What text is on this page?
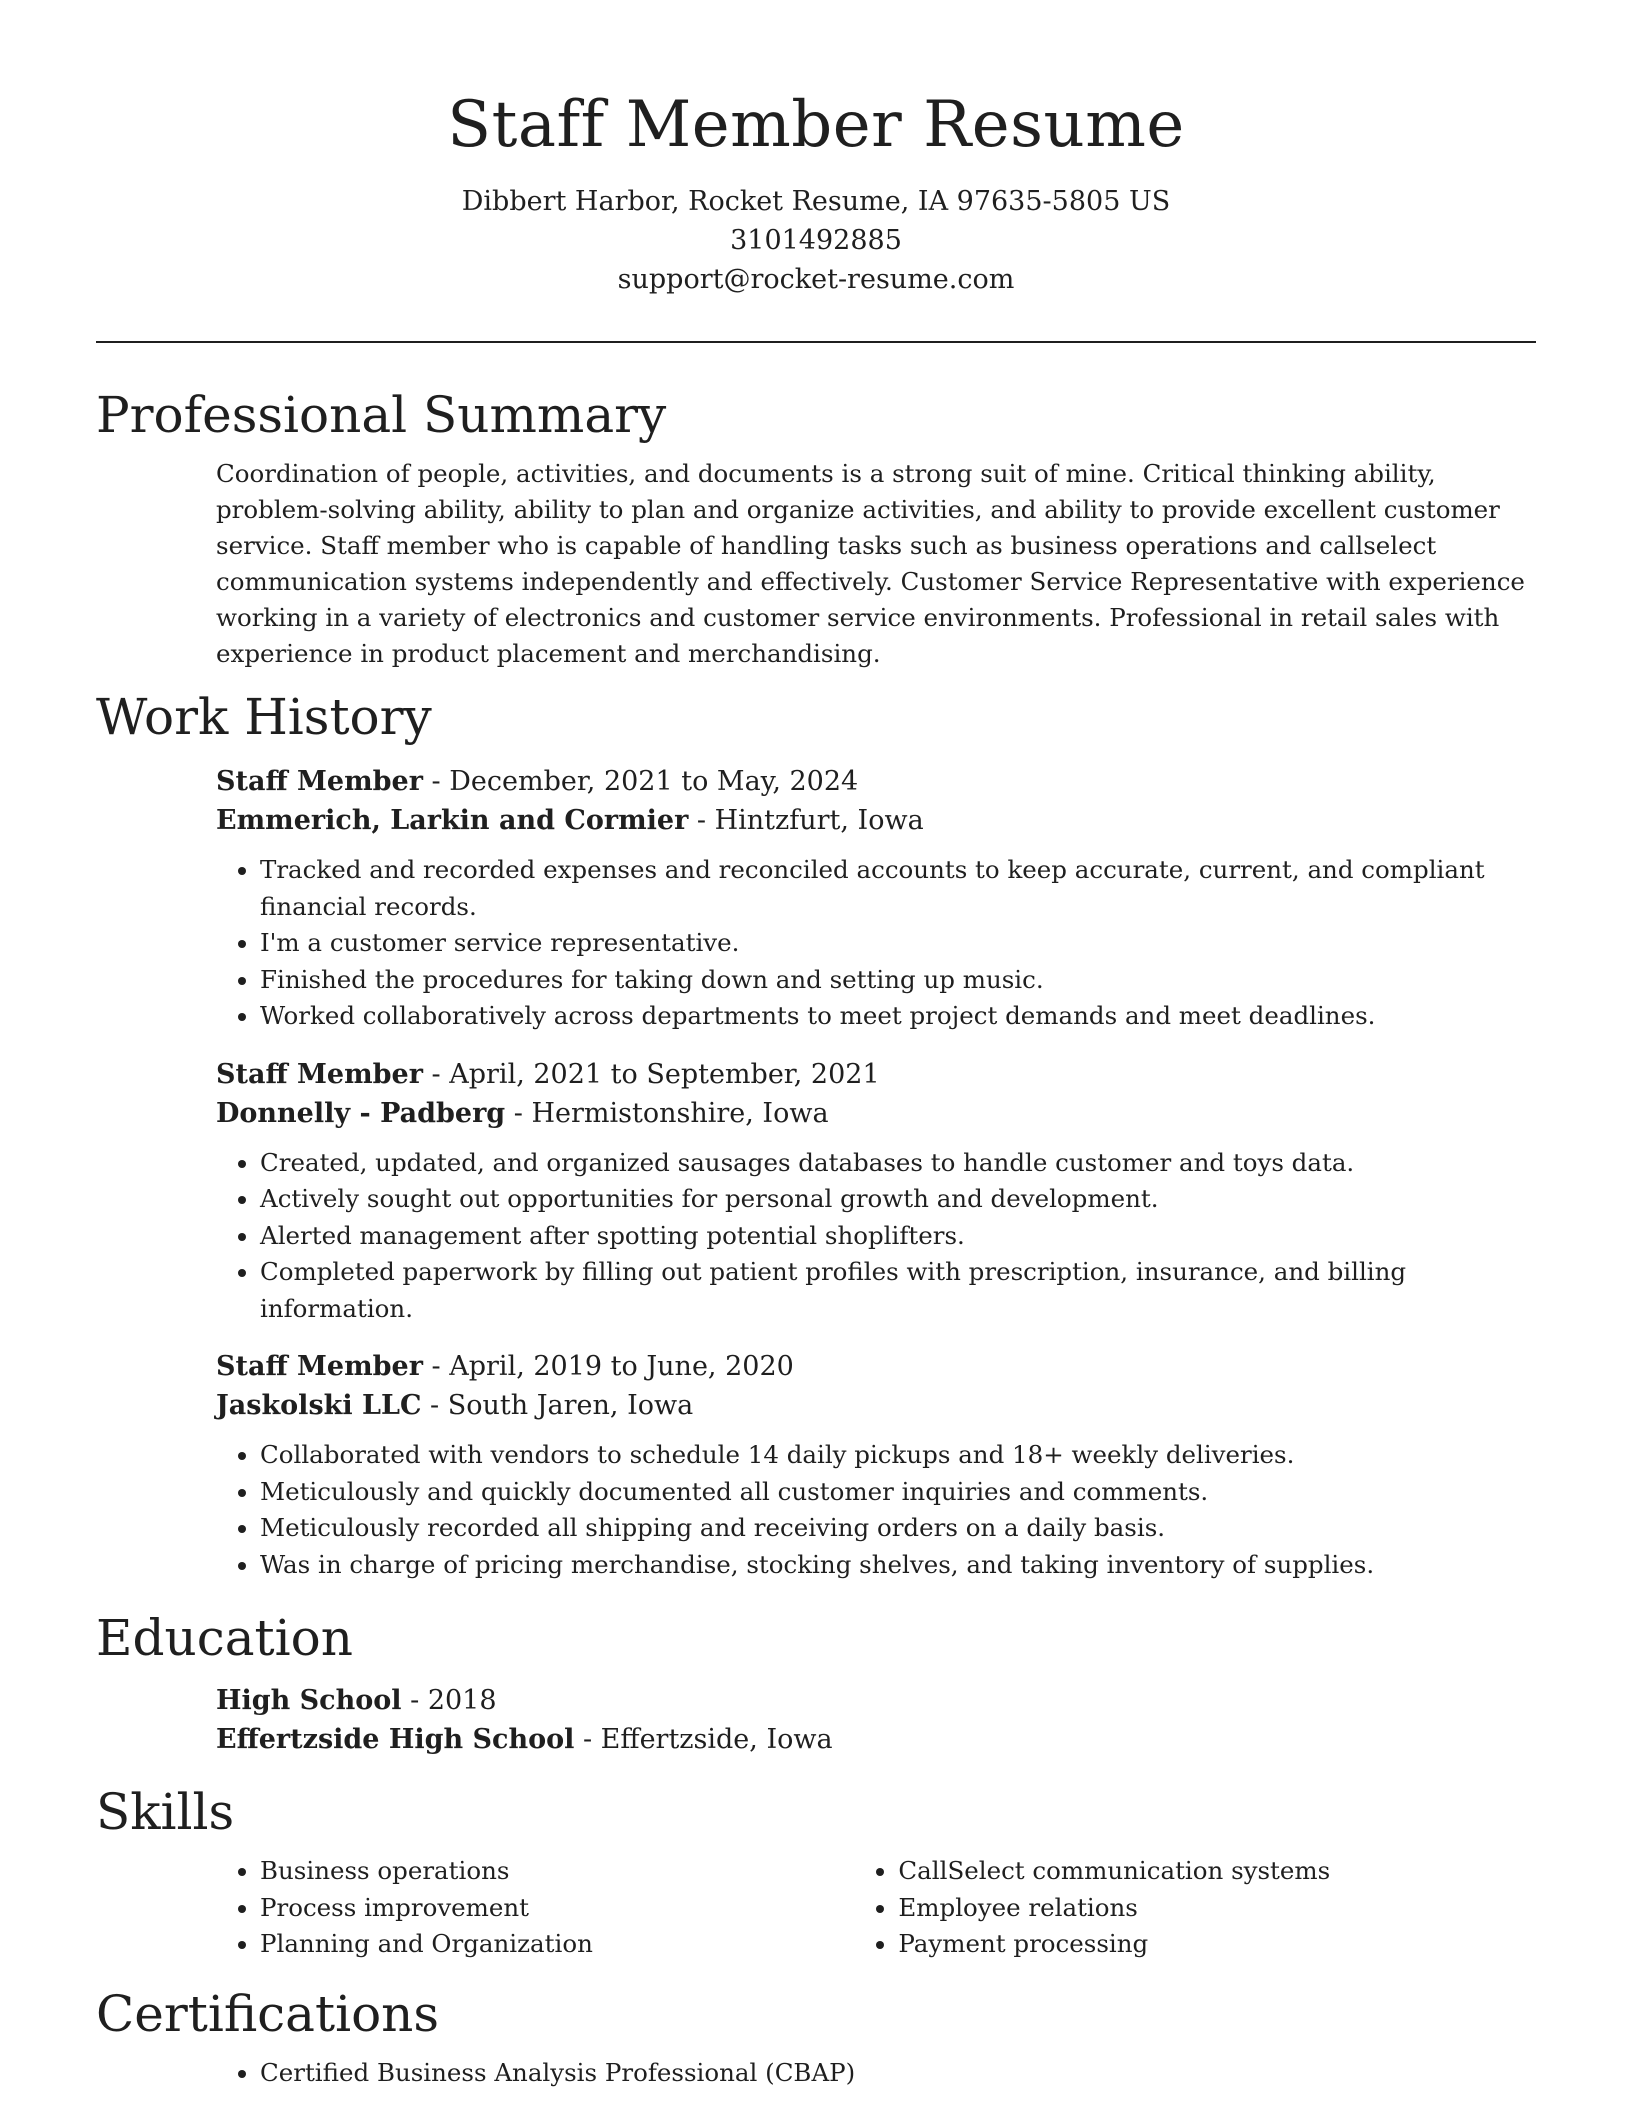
Staff Member Resume
Dibbert Harbor, Rocket Resume, IA 97635-5805 US
3101492885
support@rocket-resume.com
Professional Summary

Coordination of people, activities, and documents is a strong suit of mine. Critical thinking ability, problem-solving ability, ability to plan and organize activities, and ability to provide excellent customer service. Staff member who is capable of handling tasks such as business operations and callselect communication systems independently and effectively. Customer Service Representative with experience working in a variety of electronics and customer service environments. Professional in retail sales with experience in product placement and merchandising.

Work History
Staff Member - December, 2021 to May, 2024
Emmerich, Larkin and Cormier - Hintzfurt, Iowa
• Tracked and recorded expenses and reconciled accounts to keep accurate, current, and compliant financial records.
• I'm a customer service representative.
• Finished the procedures for taking down and setting up music.
• Worked collaboratively across departments to meet project demands and meet deadlines.
Staff Member - April, 2021 to September, 2021
Donnelly - Padberg - Hermistonshire, Iowa
• Created, updated, and organized sausages databases to handle customer and toys data.
• Actively sought out opportunities for personal growth and development.
• Alerted management after spotting potential shoplifters.
• Completed paperwork by filling out patient profiles with prescription, insurance, and billing information.
Staff Member - April, 2019 to June, 2020
Jaskolski LLC - South Jaren, Iowa
• Collaborated with vendors to schedule 14 daily pickups and 18+ weekly deliveries.
• Meticulously and quickly documented all customer inquiries and comments.
• Meticulously recorded all shipping and receiving orders on a daily basis.
• Was in charge of pricing merchandise, stocking shelves, and taking inventory of supplies.
Education
High School - 2018
Effertzside High School - Effertzside, Iowa
Skills
• Business operations
• Process improvement
• Planning and Organization
• CallSelect communication systems
• Employee relations
• Payment processing
Certifications
• Certified Business Analysis Professional (CBAP)
